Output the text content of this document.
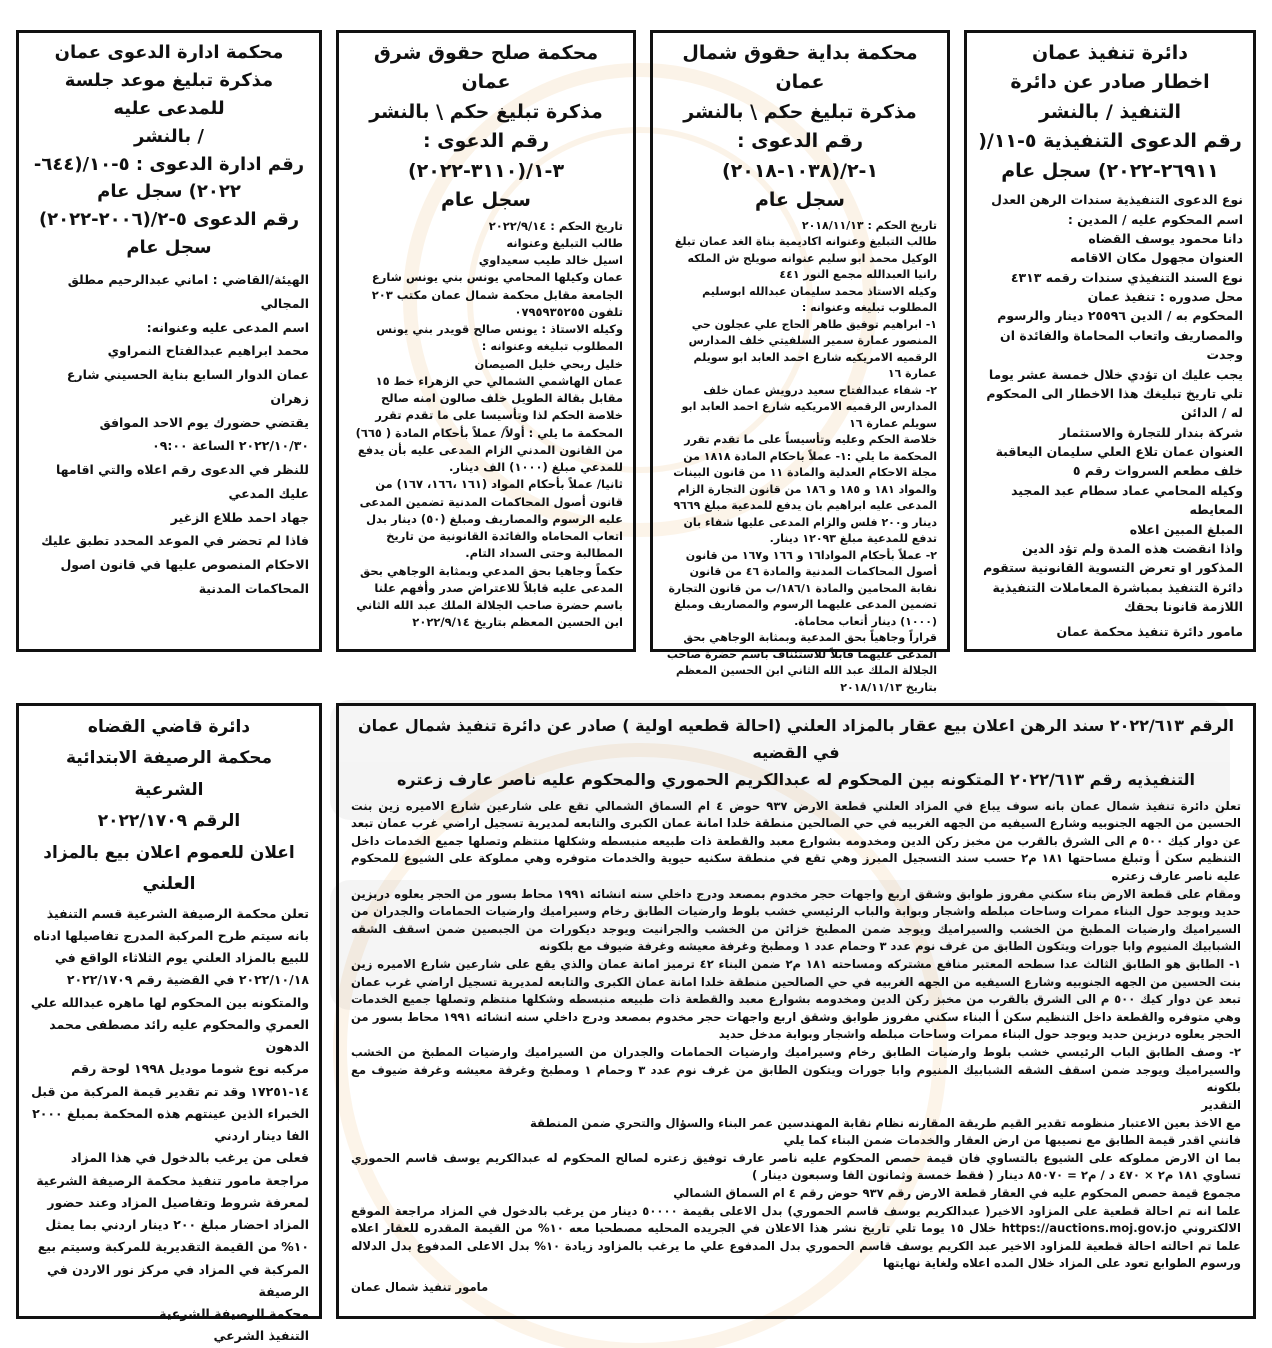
دائرة تنفيذ عمان
اخطار صادر عن دائرة التنفيذ / بالنشر
رقم الدعوى التنفيذية ٥-١١/(
٢٦٩١١-٢٠٢٢) سجل عام
نوع الدعوى التنفيذية سندات الرهن العدل
اسم المحكوم عليه / المدين :
دانا محمود يوسف القضاه
العنوان مجهول مكان الاقامه
نوع السند التنفيذي سندات رقمه ٤٣١٣
محل صدوره : تنفيذ عمان
المحكوم به / الدين ٢٥٥٩٦ دينار والرسوم والمصاريف واتعاب المحاماة والفائدة ان وجدت
يجب عليك ان تؤدي خلال خمسة عشر يوما تلي تاريخ تبليغك هذا الاخطار الى المحكوم له / الدائن
شركة بندار للتجارة والاستثمار
العنوان عمان تلاع العلي سليمان اليعاقبة خلف مطعم السروات رقم ٥
وكيله المحامي عماد سطام عبد المجيد المعايطه
المبلغ المبين اعلاه
واذا انقضت هذه المدة ولم تؤد الدين المذكور او تعرض التسوية القانونية ستقوم دائرة التنفيذ بمباشرة المعاملات التنفيذية اللازمة قانونا بحقك
مامور دائرة تنفيذ محكمة عمان
محكمة بداية حقوق شمال عمان
مذكرة تبليغ حكم \ بالنشر
رقم الدعوى : ١-٢/(١٠٣٨-٢٠١٨)
سجل عام
تاريخ الحكم : ٢٠١٨/١١/١٣
طالب التبليغ وعنوانه اكاديمية بناة الغد عمان تبلغ الوكيل محمد ابو سليم عنوانه صويلح ش الملكه رانيا العبدالله مجمع النور ٤٤١
وكيله الاستاذ محمد سليمان عبدالله ابوسليم
المطلوب تبليغه وعنوانه :
١- ابراهيم توفيق طاهر الحاج علي عجلون حي المنصور عمارة سمير السلفيتي خلف المدارس الرقميه الامريكيه شارع احمد العابد ابو سويلم عمارة ١٦
٢- شفاء عبدالفتاح سعيد درويش عمان خلف المدارس الرقميه الامريكيه شارع احمد العابد ابو سويلم عمارة ١٦
خلاصة الحكم وعليه وتأسيساً على ما تقدم تقرر المحكمة ما يلي :١- عملاً باحكام المادة ١٨١٨ من مجلة الاحكام العدلية والمادة ١١ من قانون البينات والمواد ١٨١ و ١٨٥ و ١٨٦ من قانون التجارة الزام المدعى عليه ابراهيم بان يدفع للمدعية مبلغ ٩٦٦٩ دينار و٢٠٠ فلس والزام المدعى عليها شفاء بان تدفع للمدعية مبلغ ١٢٠٩٣ دينار.
٢- عملاً بأحكام الموادا١٦ و ١٦٦ و١٦٧ من قانون أصول المحاكمات المدنية والمادة ٤٦ من قانون نقابة المحامين والمادة ١٨٦/١/ب من قانون التجارة تضمين المدعى عليهما الرسوم والمصاريف ومبلغ (١٠٠٠) دينار أتعاب محاماة.
قراراً وجاهياً بحق المدعية وبمثابة الوجاهي بحق المدعى عليهما قابلاً للاستئناف باسم حضرة صاحب الجلالة الملك عبد الله الثاني ابن الحسين المعظم بتاريخ ٢٠١٨/١١/١٣
محكمة صلح حقوق شرق عمان
مذكرة تبليغ حكم \ بالنشر
رقم الدعوى : ٣-١/(٣١١٠-٢٠٢٢)
سجل عام
تاريخ الحكم : ٢٠٢٢/٩/١٤
طالب التبليغ وعنوانه
اسيل خالد طيب سعيداوي
عمان وكيلها المحامي يونس بني يونس شارع الجامعة مقابل محكمة شمال عمان مكتب ٢٠٣ تلفون ٠٧٩٥٩٣٥٢٥٥
وكيله الاستاذ : يونس صالح قويدر بني يونس
المطلوب تبليغه وعنوانه :
خليل ربحي خليل الصيصان
عمان الهاشمي الشمالي حي الزهراء خط ١٥ مقابل بقالة الطويل خلف صالون امنه صالح
خلاصة الحكم لذا وتأسيسا على ما تقدم تقرر المحكمة ما يلي : أولاً/ عملاً بأحكام المادة ( ٦٦٥) من القانون المدني الزام المدعى عليه بأن يدفع للمدعي مبلغ (١٠٠٠) الف دينار.
ثانيا/ عملاً بأحكام المواد (١٦١ ،١٦٦، ١٦٧) من قانون أصول المحاكمات المدنية تضمين المدعى عليه الرسوم والمصاريف ومبلغ (٥٠) دينار بدل اتعاب المحاماه والفائدة القانونية من تاريخ المطالبة وحتى السداد التام.
حكماً وجاهيا بحق المدعي وبمثابة الوجاهي بحق المدعى عليه قابلاً للاعتراض صدر وأفهم علنا باسم حضرة صاحب الجلالة الملك عبد الله الثاني ابن الحسين المعظم بتاريخ ٢٠٢٢/٩/١٤
محكمة ادارة الدعوى عمان
مذكرة تبليغ موعد جلسة للمدعى عليه
/ بالنشر
رقم ادارة الدعوى : ٥-١٠/(٦٤٤-
٢٠٢٢) سجل عام
رقم الدعوى ٥-٢/(٢٠٠٦-٢٠٢٢)
سجل عام
الهيئة/القاضي : اماني عبدالرحيم مطلق المجالي
اسم المدعى عليه وعنوانه:
محمد ابراهيم عبدالفتاح النمراوي
عمان الدوار السابع بناية الحسيني شارع زهران
يقتضي حضورك يوم الاحد الموافق ٢٠٢٢/١٠/٣٠ الساعة ٠٩:٠٠
للنظر في الدعوى رقم اعلاه والتي اقامها عليك المدعي
جهاد احمد طلاع الزغير
فاذا لم تحضر في الموعد المحدد تطبق عليك الاحكام المنصوص عليها في قانون اصول المحاكمات المدنية
الرقم ٢٠٢٢/٦١٣ سند الرهن اعلان بيع عقار بالمزاد العلني (احالة قطعيه اولية ) صادر عن دائرة تنفيذ شمال عمان في القضيه
التنفيذيه رقم ٢٠٢٢/٦١٣ المتكونه بين المحكوم له عبدالكريم الحموري والمحكوم عليه ناصر عارف زعتره

تعلن دائرة تنفيذ شمال عمان بانه سوف يباع في المزاد العلني قطعة الارض ٩٣٧ حوض ٤ ام السماق الشمالي تقع على شارعين شارع الاميره زين بنت الحسين من الجهه الجنوبيه وشارع السيفيه من الجهه الغربيه في حي الصالحين منطقة خلدا امانة عمان الكبرى والتابعه لمديرية تسجيل اراضي غرب عمان تبعد عن دوار كيك ٥٠٠ م الى الشرق بالقرب من مخبز ركن الدين ومخدومه بشوارع معبد والقطعة ذات طبيعه منبسطه وشكلها منتظم وتصلها جميع الخدمات داخل التنظيم سكن أ وتبلغ مساحتها ١٨١ م٢ حسب سند التسجيل المبرز وهي تقع في منطقة سكنيه حيوية والخدمات متوفره وهي مملوكة على الشيوع للمحكوم عليه ناصر عارف زعتره

ومقام على قطعة الارض بناء سكني مفروز طوابق وشقق اربع واجهات حجر مخدوم بمصعد ودرج داخلي سنه انشائه ١٩٩١ محاط بسور من الحجر يعلوه دربزين حديد ويوجد حول البناء ممرات وساحات مبلطه واشجار وبوابة والباب الرئيسي خشب بلوط وارضيات الطابق رخام وسيراميك وارضيات الحمامات والجدران من السيراميك وارضيات المطبخ من الخشب والسيراميك ويوجد ضمن المطبخ خزائن من الخشب والجرانيت ويوجد ديكورات من الجبصين ضمن اسقف الشقه الشبابيك المنيوم وابا جورات ويتكون الطابق من غرف نوم عدد ٣ وحمام عدد ١ ومطبخ وغرفة معيشه وغرفة ضيوف مع بلكونه

١- الطابق هو الطابق الثالث عدا سطحه المعتبر منافع مشتركه ومساحته ١٨١ م٢ ضمن البناء ٤٢ ترميز امانة عمان والذي يقع على شارعين شارع الاميره زين بنت الحسين من الجهه الجنوبيه وشارع السيفيه من الجهه الغربيه في حي الصالحين منطقة خلدا امانة عمان الكبرى والتابعه لمديرية تسجيل اراضي غرب عمان تبعد عن دوار كيك ٥٠٠ م الى الشرق بالقرب من مخبز ركن الدين ومخدومه بشوارع معبد والقطعة ذات طبيعه منبسطه وشكلها منتظم وتصلها جميع الخدمات وهي متوفره والقطعة داخل التنظيم سكن أ البناء سكني مفروز طوابق وشقق اربع واجهات حجر مخدوم بمصعد ودرج داخلي سنه انشائه ١٩٩١ محاط بسور من الحجر يعلوه دربزين حديد ويوجد حول البناء ممرات وساحات مبلطه واشجار وبوابة مدخل حديد

٢- وصف الطابق الباب الرئيسي خشب بلوط وارضيات الطابق رخام وسيراميك وارضيات الحمامات والجدران من السيراميك وارضيات المطبخ من الخشب والسيراميك ويوجد ضمن اسقف الشقه الشبابيك المنيوم وابا جورات ويتكون الطابق من غرف نوم عدد ٣ وحمام ١ ومطبخ وغرفة معيشه وغرفة ضيوف مع بلكونه

التقدير

مع الاخذ بعين الاعتبار منظومه تقدير القيم طريقة المقارنه نظام نقابة المهندسين عمر البناء والسؤال والتحري ضمن المنطقة

فانني اقدر قيمة الطابق مع نصيبها من ارض العقار والخدمات ضمن البناء كما يلي

بما ان الارض مملوكه على الشيوع بالتساوي فان قيمة حصص المحكوم عليه ناصر عارف توفيق زعتره لصالح المحكوم له عبدالكريم يوسف قاسم الحموري تساوي ١٨١ م٢ × ٤٧٠ د / م٢ = ٨٥٠٧٠ دينار ( فقط خمسة وثمانون الفا وسبعون دينار )

مجموع قيمة حصص المحكوم عليه في العقار قطعة الارض رقم ٩٣٧ حوض رقم ٤ ام السماق الشمالي

علما انه تم احالة قطعية على المزاود الاخير( عبدالكريم يوسف قاسم الحموري) بدل الاعلى بقيمة ٥٠٠٠٠ دينار من يرغب بالدخول في المزاد مراجعة الموقع الالكتروني https://auctions.moj.gov.jo خلال ١٥ يوما تلي تاريخ نشر هذا الاعلان في الجريده المحليه مصطحبا معه ١٠% من القيمة المقدره للعقار اعلاه علما تم احالته احالة قطعية للمزاود الاخير عبد الكريم يوسف قاسم الحموري بدل المدفوع علي ما يرغب بالمزاود زيادة ١٠% بدل الاعلى المدفوع بدل الدلاله ورسوم الطوابع تعود على المزاد خلال المده اعلاه ولغاية نهايتها

مامور تنفيذ شمال عمان

دائرة قاضي القضاه
محكمة الرصيفة الابتدائية الشرعية
الرقم ٢٠٢٢/١٧٠٩
اعلان للعموم اعلان بيع بالمزاد العلني
تعلن محكمة الرصيفة الشرعية قسم التنفيذ بانه سيتم طرح المركبة المدرج تفاصيلها ادناه للبيع بالمزاد العلني يوم الثلاثاء الواقع في ٢٠٢٢/١٠/١٨ في القضية رقم ٢٠٢٢/١٧٠٩ والمتكونه بين المحكوم لها ماهره عبدالله علي العمري والمحكوم عليه رائد مصطفى محمد الدهون
مركبه نوع شوما موديل ١٩٩٨ لوحة رقم ١٤-١٧٢٥١ وقد تم تقدير قيمة المركبة من قبل الخبراء الذين عينتهم هذه المحكمة بمبلغ ٢٠٠٠ الفا دينار اردني
فعلى من يرغب بالدخول في هذا المزاد مراجعة مامور تنفيذ محكمة الرصيفة الشرعية لمعرفة شروط وتفاصيل المزاد وعند حضور المزاد احضار مبلغ ٢٠٠ دينار اردني بما يمثل ١٠% من القيمة التقديرية للمركبة وسيتم بيع المركبة في المزاد في مركز نور الاردن في الرصيفة
محكمة الرصيفة الشرعية
التنفيذ الشرعي
